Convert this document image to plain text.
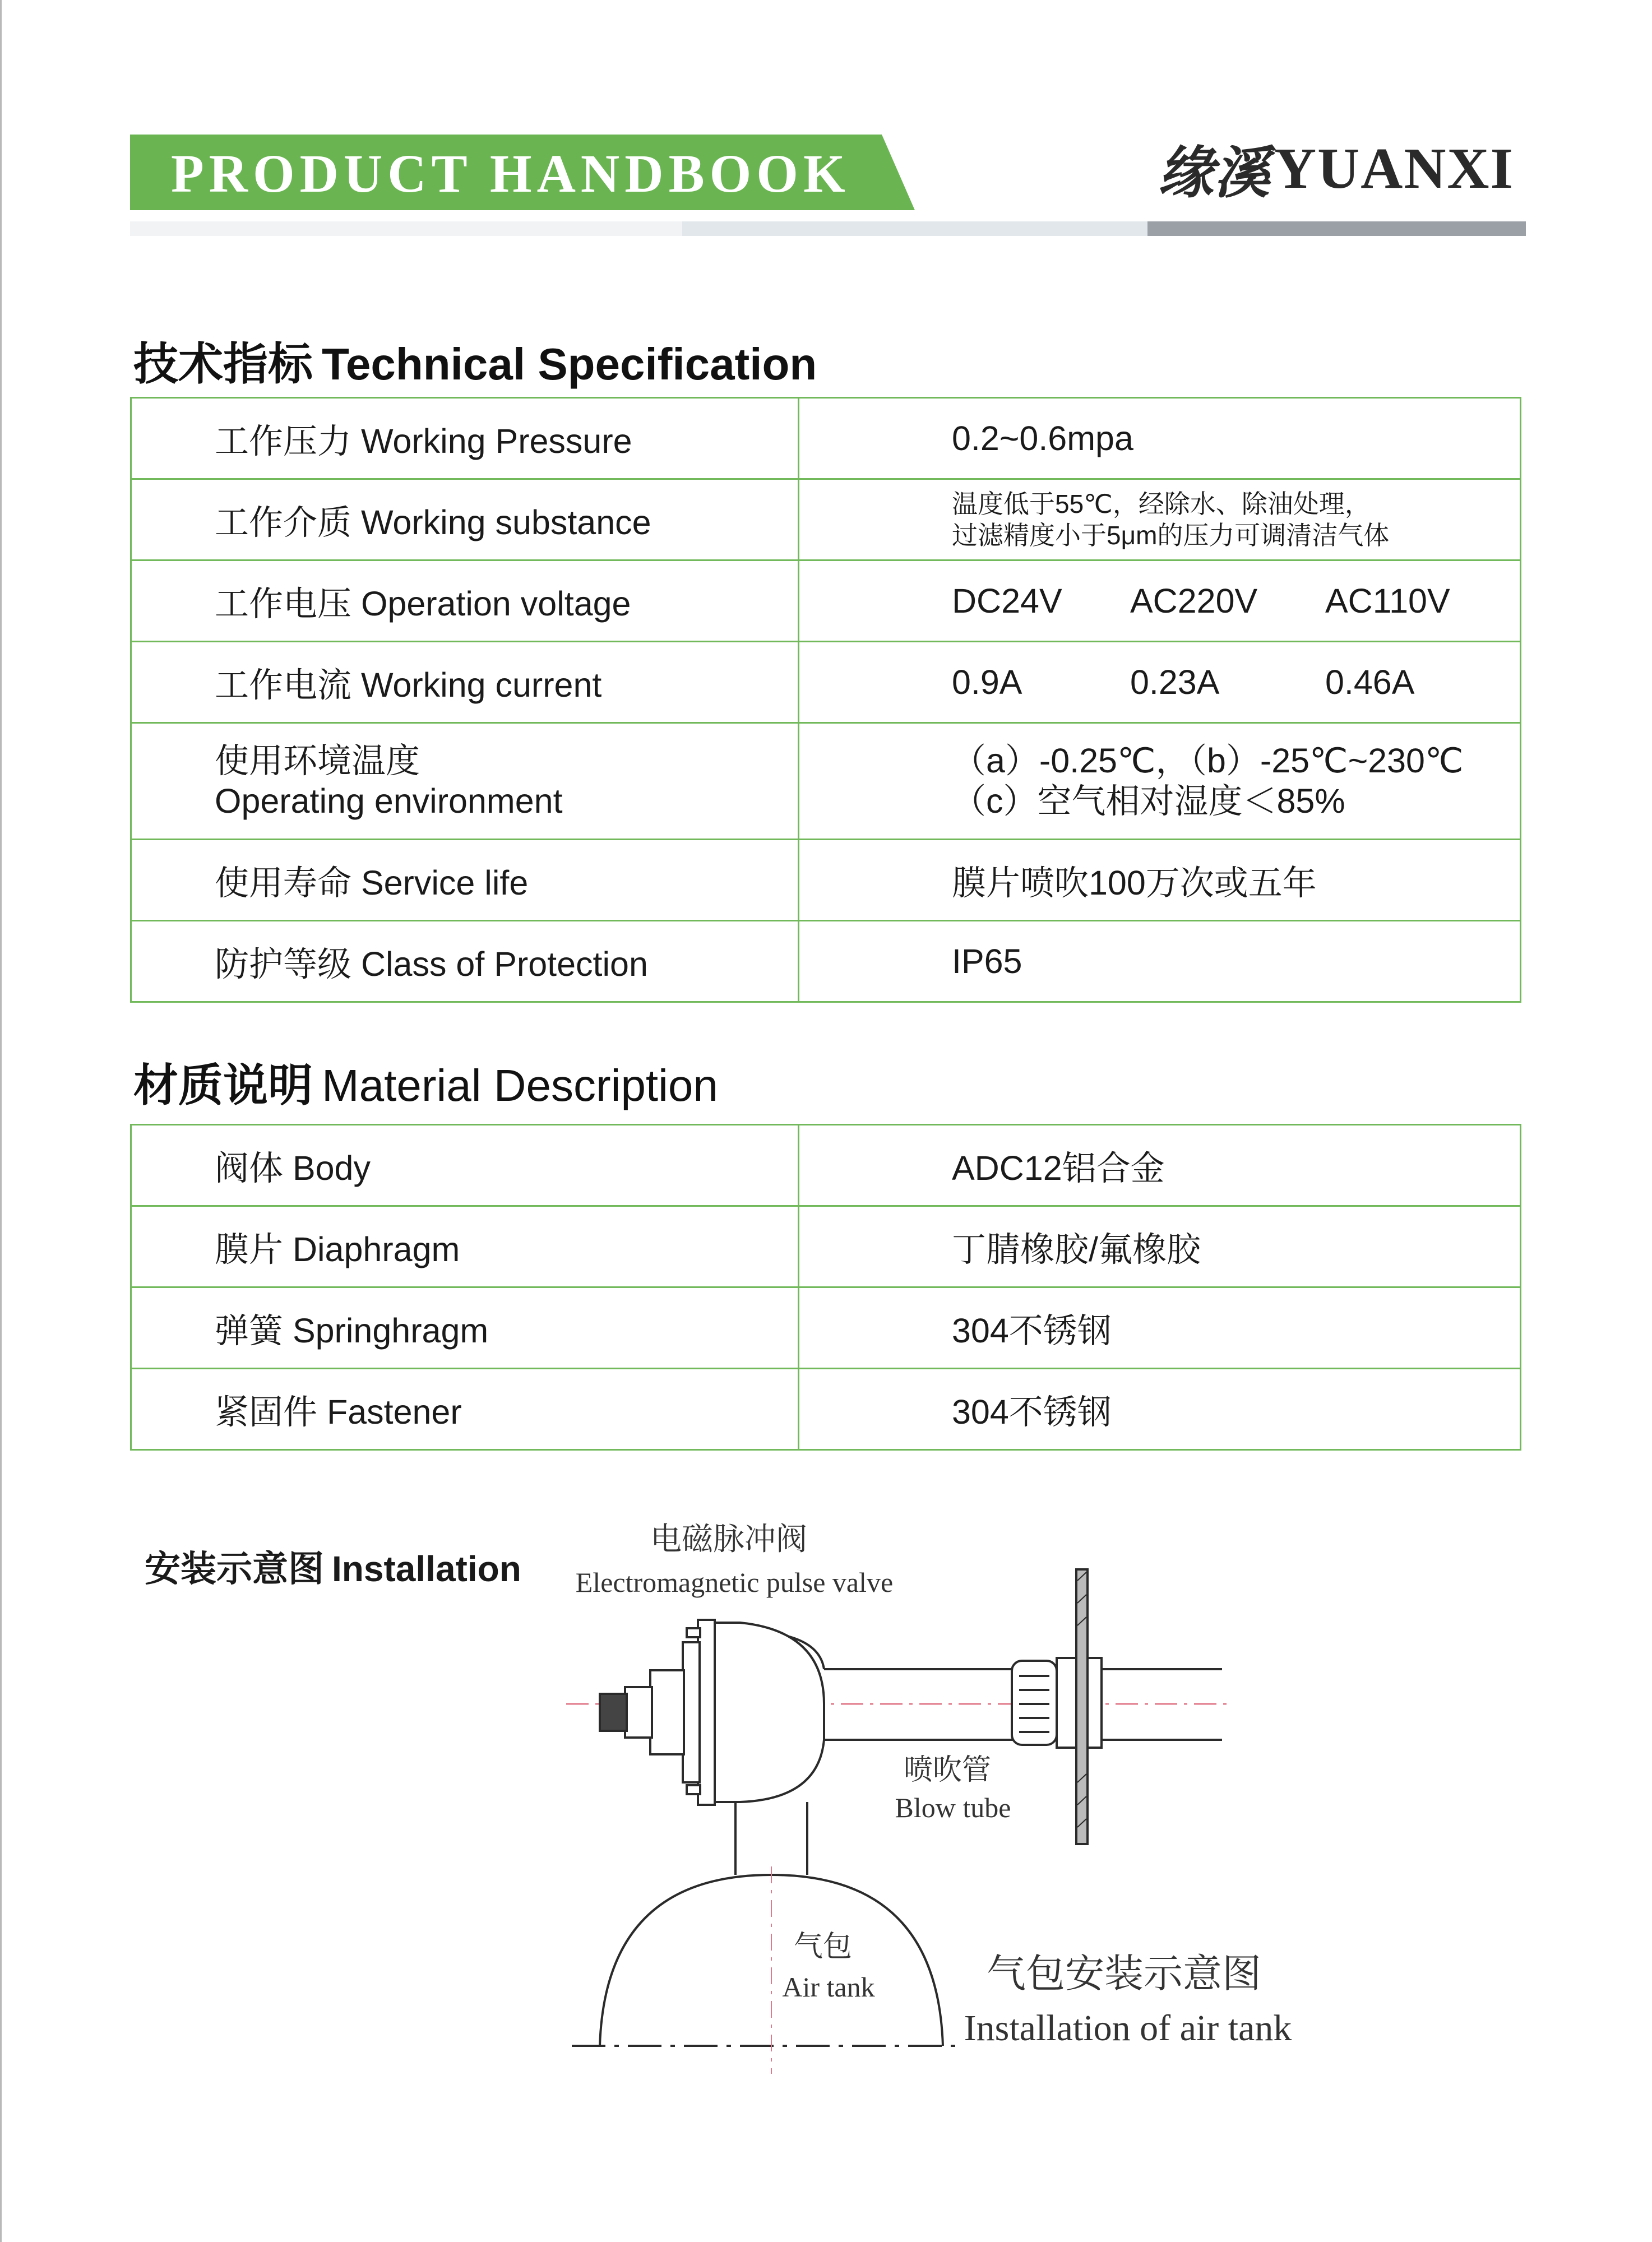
PRODUCT HANDBOOK	缘溪 YUANXI
技术指标 Technical Specification
工作压力 Working Pressure	0.2~0.6mpa
工作介质 Working substance	温度低于55℃，经除水、除油处理，
过滤精度小于5μm的压力可调清洁气体

工作电压 Operation voltage	DC24V AC220V AC110V

工作电流 Working current	0.9A 0.23A 0.46A

使用环境温度
Operating environment	（a）-0.25℃，（b）-25℃~230℃
（c）空气相对湿度＜85%

使用寿命 Service life	膜片喷吹100万次或五年
防护等级 Class of Protection	IP65
材质说明 Material Description
阀体 Body	ADC12铝合金
膜片 Diaphragm	丁腈橡胶/氟橡胶
弹簧 Springhragm	304不锈钢
紧固件 Fastener	304不锈钢
安装示意图 Installation
电磁脉冲阀
Electromagnetic pulse valve
喷吹管
Blow tube
气包
Air tank	气包安装示意图
Installation of air tank
